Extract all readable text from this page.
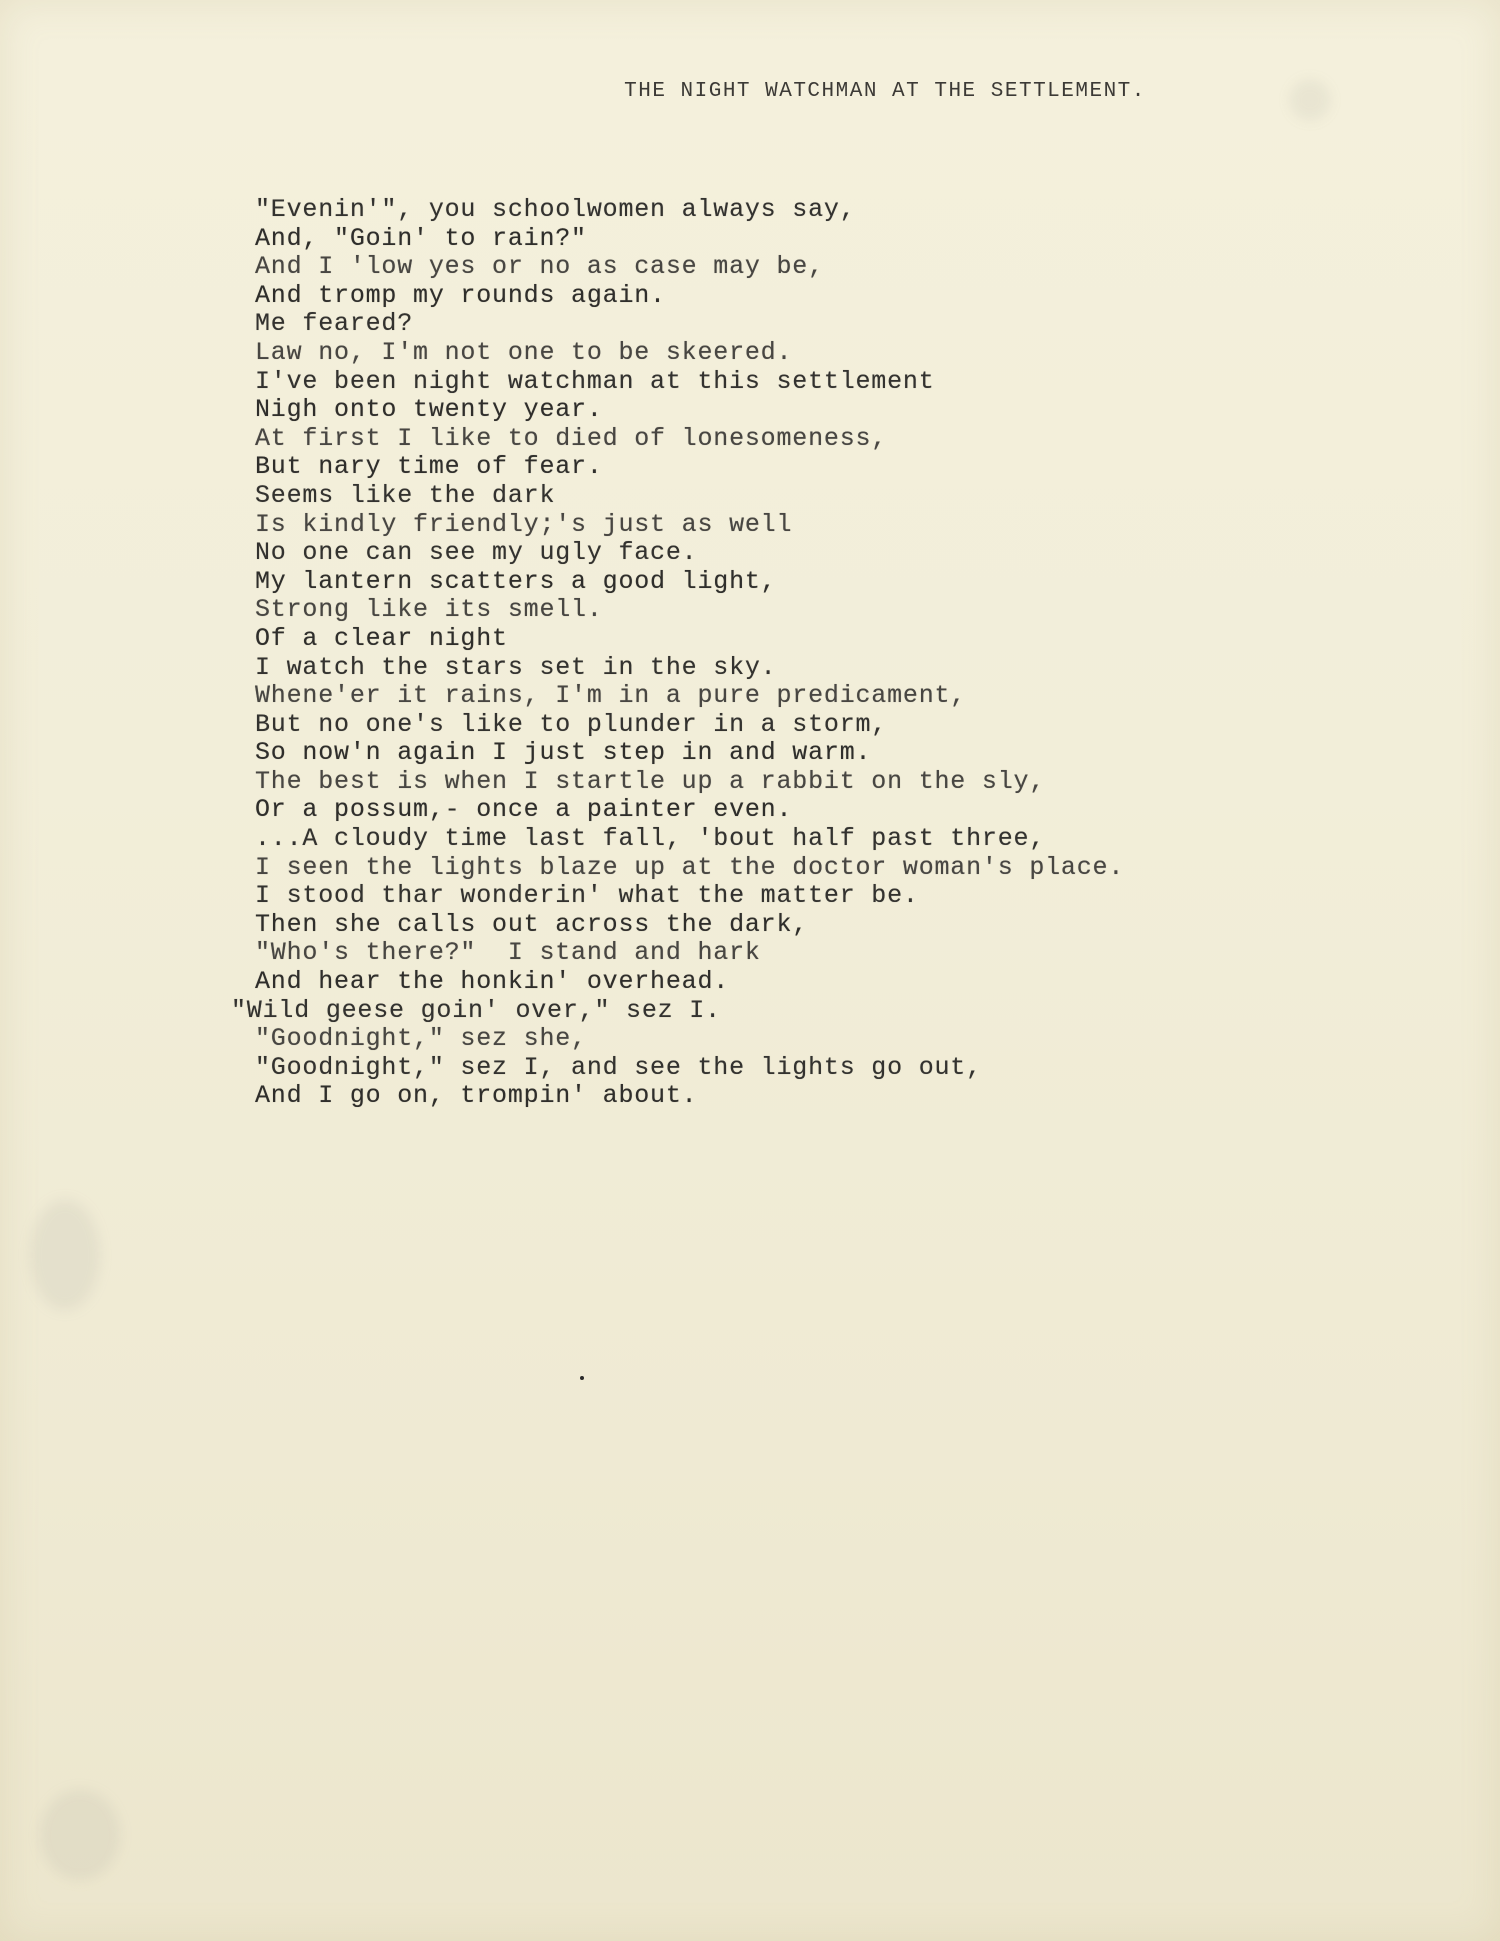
THE NIGHT WATCHMAN AT THE SETTLEMENT.
"Evenin'", you schoolwomen always say,
And, "Goin' to rain?"
And I 'low yes or no as case may be,
And tromp my rounds again.
Me feared?
Law no, I'm not one to be skeered.
I've been night watchman at this settlement
Nigh onto twenty year.
At first I like to died of lonesomeness,
But nary time of fear.
Seems like the dark
Is kindly friendly;'s just as well
No one can see my ugly face.
My lantern scatters a good light,
Strong like its smell.
Of a clear night
I watch the stars set in the sky.
Whene'er it rains, I'm in a pure predicament,
But no one's like to plunder in a storm,
So now'n again I just step in and warm.
The best is when I startle up a rabbit on the sly,
Or a possum,- once a painter even.
...A cloudy time last fall, 'bout half past three,
I seen the lights blaze up at the doctor woman's place.
I stood thar wonderin' what the matter be.
Then she calls out across the dark,
"Who's there?"  I stand and hark
And hear the honkin' overhead.
"Wild geese goin' over," sez I.
"Goodnight," sez she,
"Goodnight," sez I, and see the lights go out,
And I go on, trompin' about.
